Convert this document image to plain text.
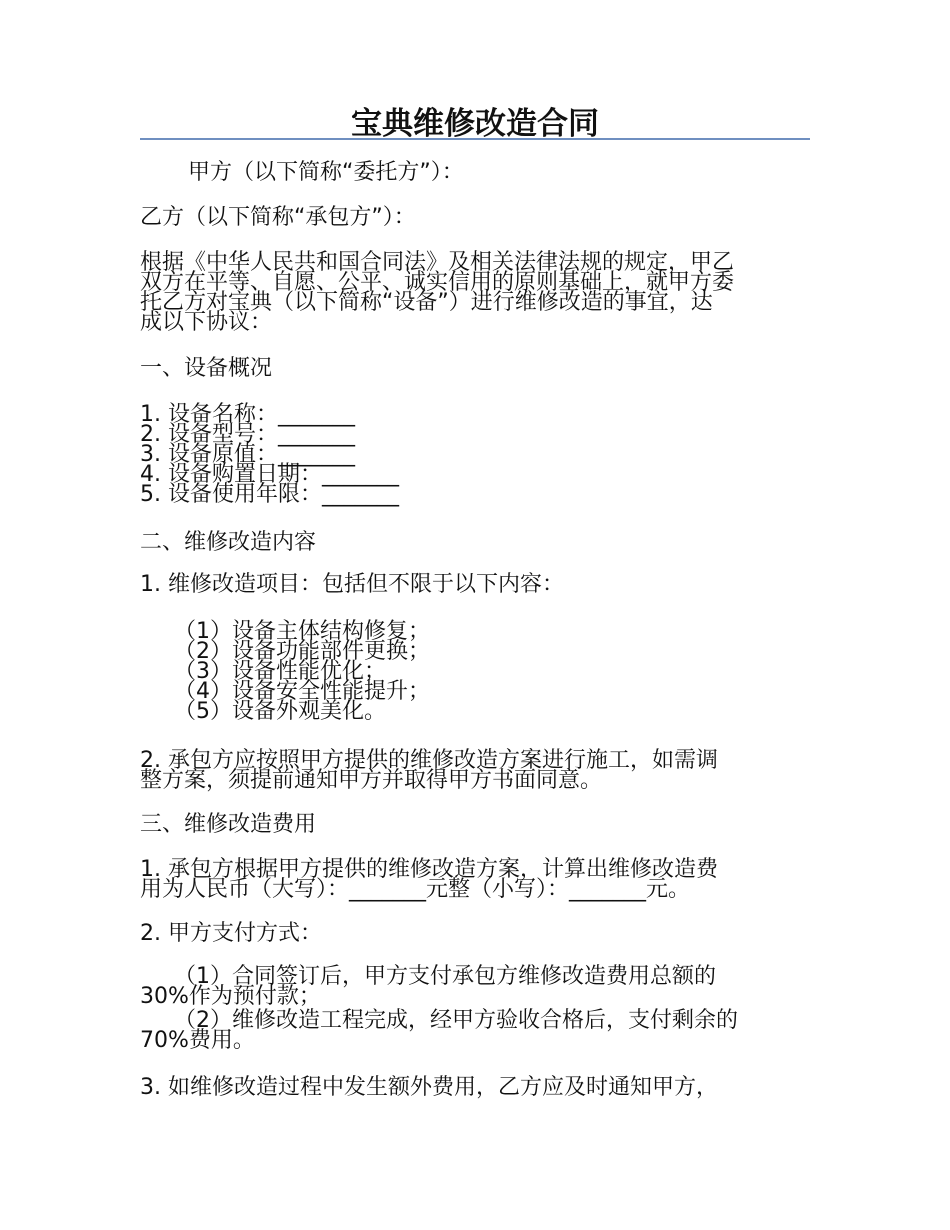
宝典维修改造合同

甲方（以下简称“委托方”）：

乙方（以下简称“承包方”）：

根据《中华人民共和国合同法》及相关法律法规的规定，甲乙
双方在平等、自愿、公平、诚实信用的原则基础上，就甲方委
托乙方对宝典（以下简称“设备”）进行维修改造的事宜，达
成以下协议：

一、设备概况

1. 设备名称：_______
2. 设备型号：_______
3. 设备原值：_______
4. 设备购置日期：_______
5. 设备使用年限：_______

二、维修改造内容

1. 维修改造项目：包括但不限于以下内容：

（1）设备主体结构修复；
（2）设备功能部件更换；
（3）设备性能优化；
（4）设备安全性能提升；
（5）设备外观美化。
2. 承包方应按照甲方提供的维修改造方案进行施工，如需调
整方案，须提前通知甲方并取得甲方书面同意。

三、维修改造费用

1. 承包方根据甲方提供的维修改造方案，计算出维修改造费
用为人民币（大写）：_______元整（小写）：_______元。

2. 甲方支付方式：

（1）合同签订后，甲方支付承包方维修改造费用总额的
30%作为预付款；
（2）维修改造工程完成，经甲方验收合格后，支付剩余的
70%费用。

3. 如维修改造过程中发生额外费用，乙方应及时通知甲方，
